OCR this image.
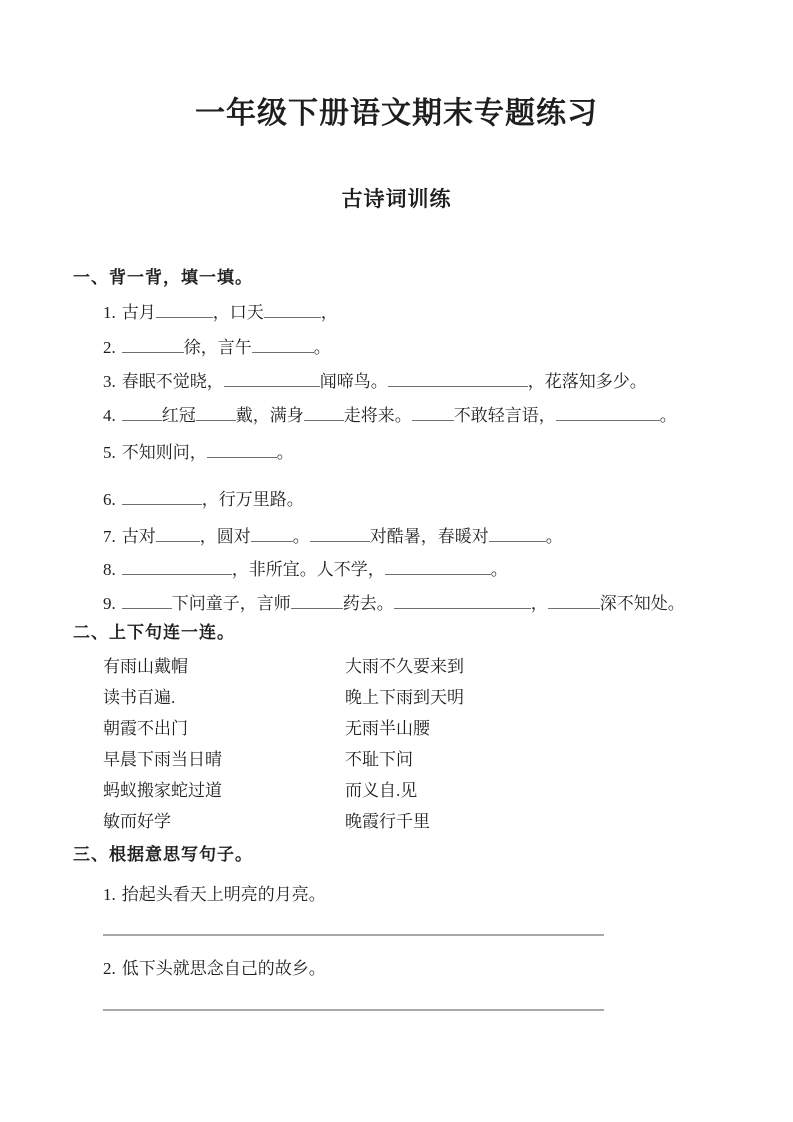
一年级下册语文期末专题练习
古诗词训练
一、背一背，填一填。
1. 古月	，口天	，
2.	徐，言午	。
3. 春眠不觉晓，	闻啼鸟。	，花落知多少。
4.	红冠 戴，满身 走将来。 不敢轻言语，	。
5. 不知则问，	。
6.	，行万里路。
7. 古对	，圆对 。	对酷暑，春暖对	。
8.	，非所宜。人不学，	。
9.	下问童子，言师	药去。	，	深不知处。
二、上下句连一连。
有雨山戴帽	大雨不久要来到
读书百遍.	晚上下雨到天明
朝霞不出门	无雨半山腰
早晨下雨当日晴	不耻下问
蚂蚁搬家蛇过道	而义自.见
敏而好学	晚霞行千里
三、根据意思写句子。
1. 抬起头看天上明亮的月亮。
2. 低下头就思念自己的故乡。
